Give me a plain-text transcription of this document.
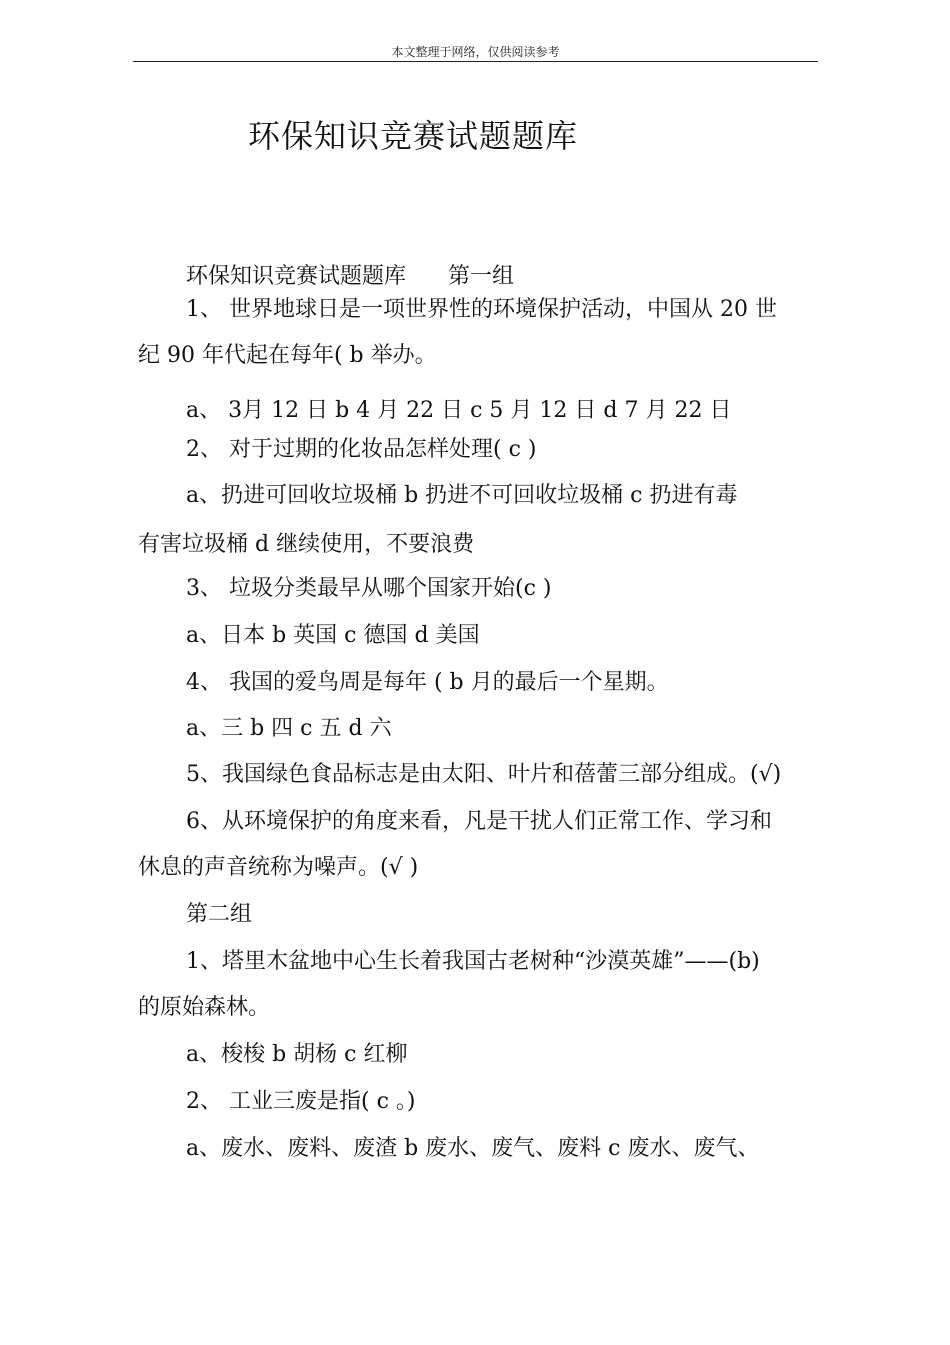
本文整理于网络，仅供阅读参考
环保知识竞赛试题题库
环保知识竞赛试题题库 第一组
1、 世界地球日是一项世界性的环境保护活动，中国从 20 世
纪 90 年代起在每年( b 举办。
a、 3月 12 日 b 4 月 22 日 c 5 月 12 日 d 7 月 22 日
2、 对于过期的化妆品怎样处理( c )
a、扔进可回收垃圾桶 b 扔进不可回收垃圾桶 c 扔进有毒
有害垃圾桶 d 继续使用，不要浪费
3、 垃圾分类最早从哪个国家开始(c )
a、日本 b 英国 c 德国 d 美国
4、 我国的爱鸟周是每年 ( b 月的最后一个星期。
a、三 b 四 c 五 d 六
5、我国绿色食品标志是由太阳、叶片和蓓蕾三部分组成。(√)
6、从环境保护的角度来看，凡是干扰人们正常工作、学习和
休息的声音统称为噪声。(√ )
第二组
1、塔里木盆地中心生长着我国古老树种“沙漠英雄”——(b)
的原始森林。
a、梭梭 b 胡杨 c 红柳
2、 工业三废是指( c 。)
a、废水、废料、废渣 b 废水、废气、废料 c 废水、废气、
